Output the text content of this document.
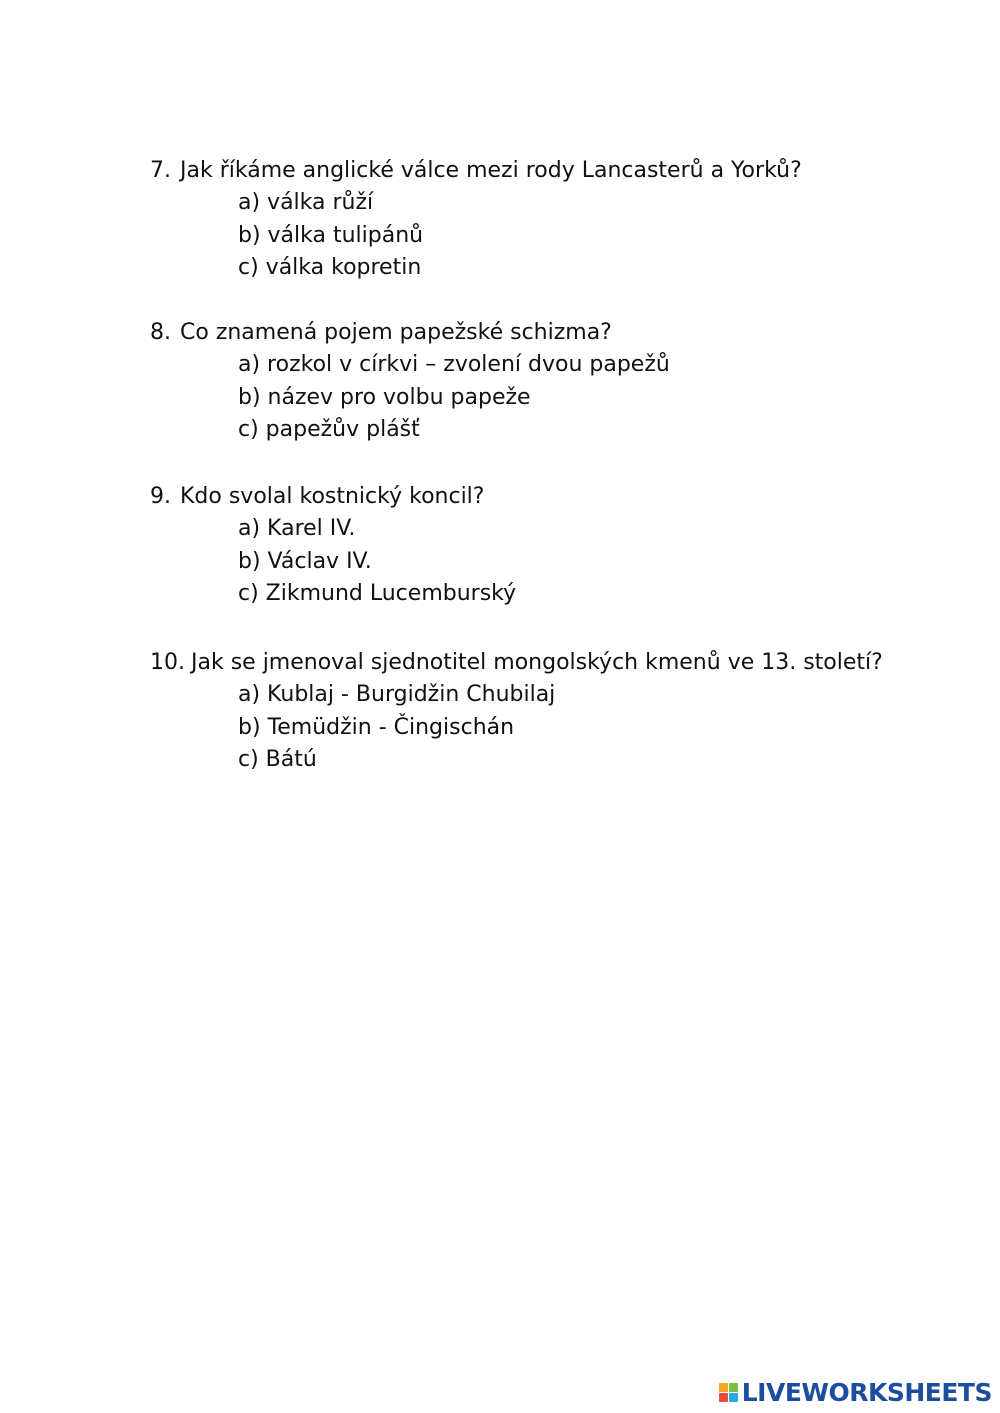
7. Jak říkáme anglické válce mezi rody Lancasterů a Yorků?
a) válka růží
b) válka tulipánů
c) válka kopretin
8. Co znamená pojem papežské schizma?
a) rozkol v církvi – zvolení dvou papežů
b) název pro volbu papeže
c) papežův plášť
9. Kdo svolal kostnický koncil?
a) Karel IV.
b) Václav IV.
c) Zikmund Lucemburský
10. Jak se jmenoval sjednotitel mongolských kmenů ve 13. století?
a) Kublaj - Burgidžin Chubilaj
b) Temüdžin - Čingischán
c) Bátú
LIVEWORKSHEETS
